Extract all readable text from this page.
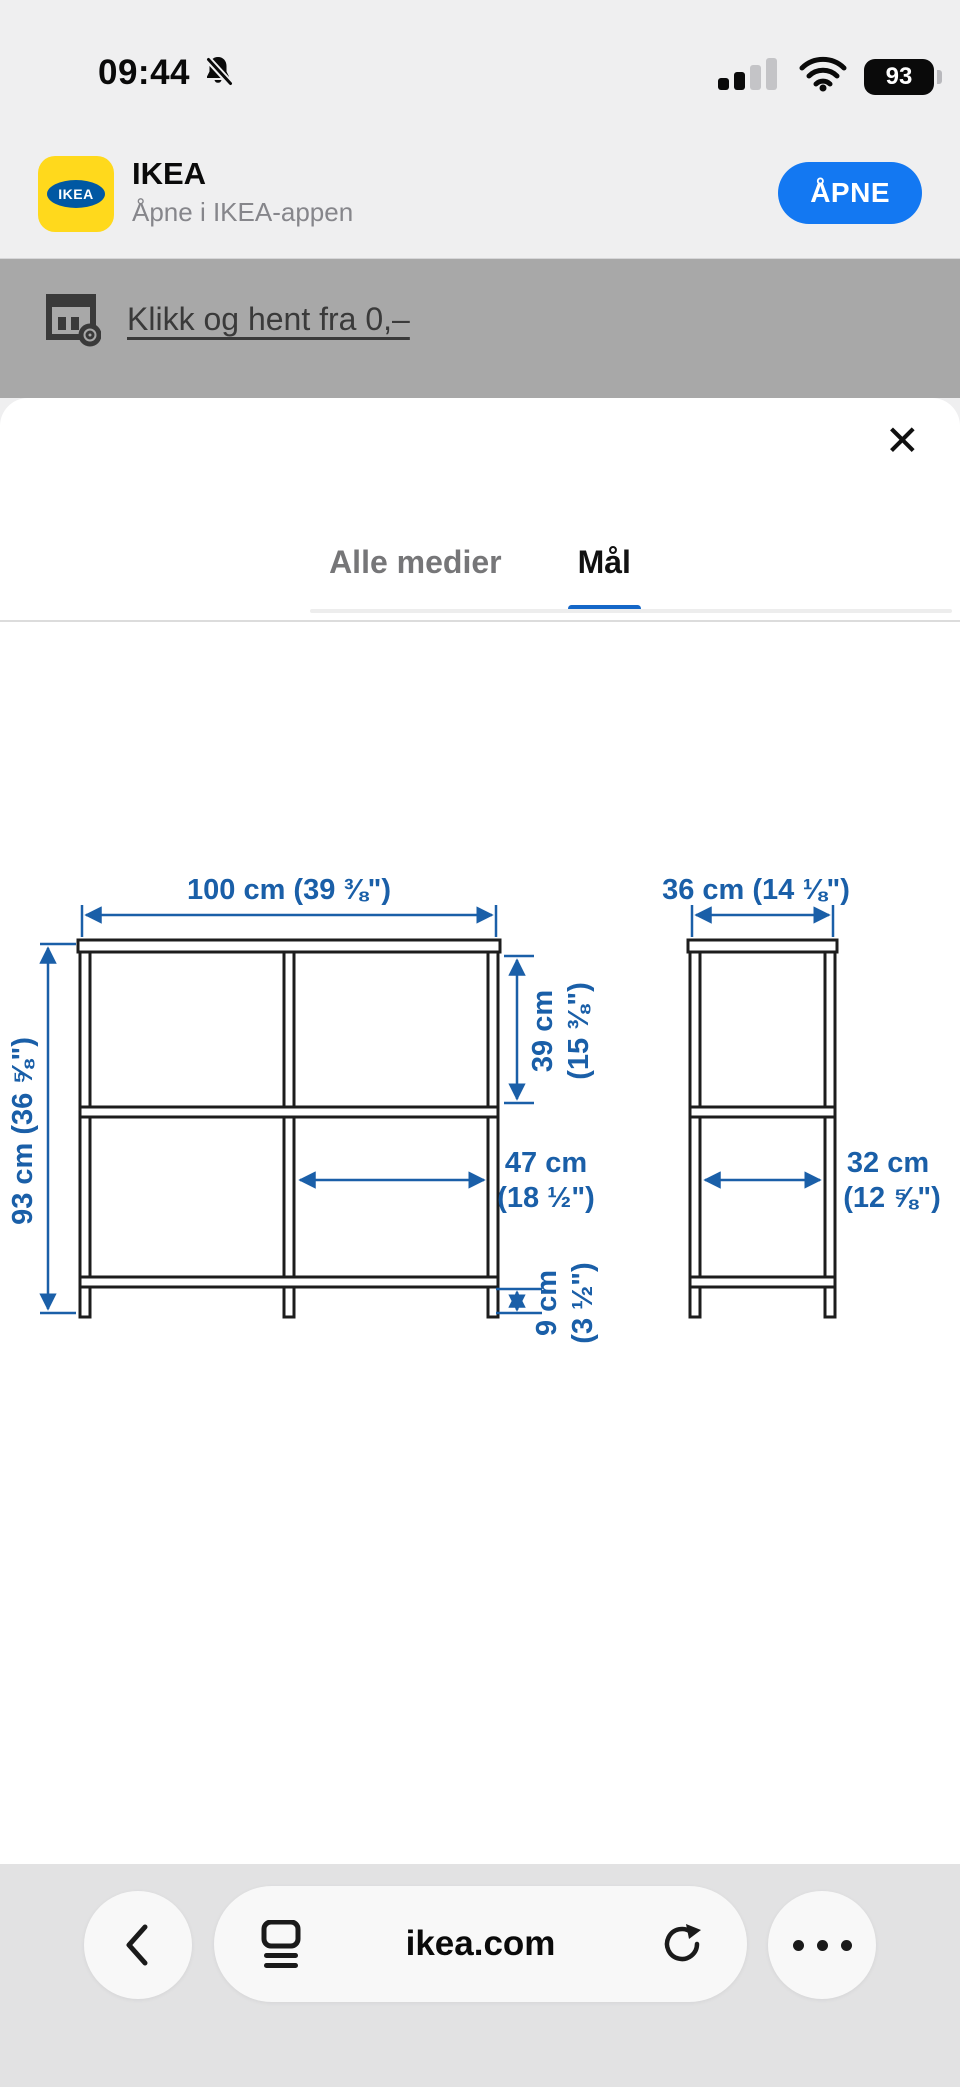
09:44	93
IKEA
IKEA
Åpne i IKEA-appen
ÅPNE
Klikk og hent fra 0,–
✕
Alle medier Mål
100 cm (39 ⅜")
93 cm (36 ⅝")
39 cm (15 ⅜")
47 cm
(18 ½")
9 cm (3 ½")
36 cm (14 ⅛")
32 cm
(12 ⅝")
ikea.com
